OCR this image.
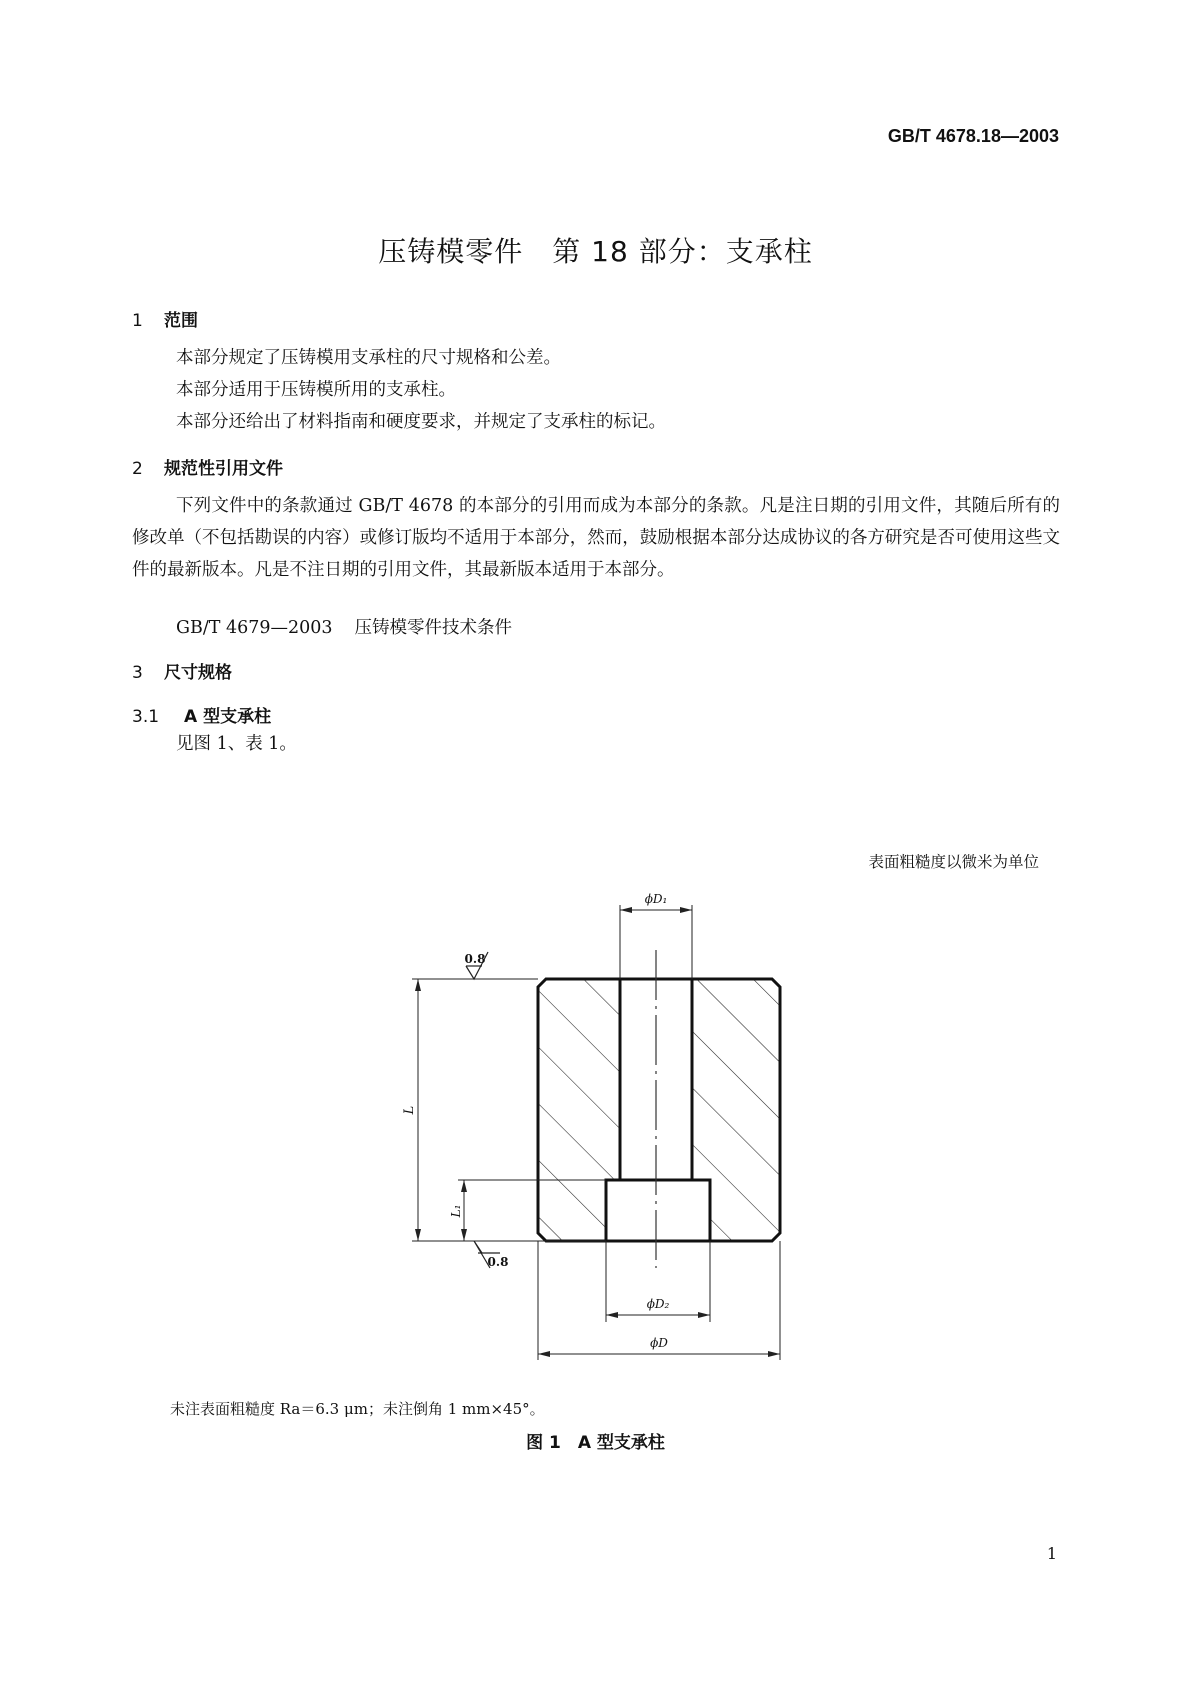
GB/T 4678.18—2003
压铸模零件　第 18 部分：支承柱
1 范围
本部分规定了压铸模用支承柱的尺寸规格和公差。
本部分适用于压铸模所用的支承柱。
本部分还给出了材料指南和硬度要求，并规定了支承柱的标记。
2 规范性引用文件
下列文件中的条款通过 GB/T 4678 的本部分的引用而成为本部分的条款。凡是注日期的引用文件，其随后所有的修改单（不包括勘误的内容）或修订版均不适用于本部分，然而，鼓励根据本部分达成协议的各方研究是否可使用这些文件的最新版本。凡是不注日期的引用文件，其最新版本适用于本部分。
GB/T 4679—2003 压铸模零件技术条件
3 尺寸规格
3.1 A 型支承柱
见图 1、表 1。
表面粗糙度以微米为单位
ϕD₁
ϕD₂
ϕD
L
L₁
0.8
0.8
未注表面粗糙度 Ra＝6.3 μm；未注倒角 1 mm×45°。
图 1　A 型支承柱
1
